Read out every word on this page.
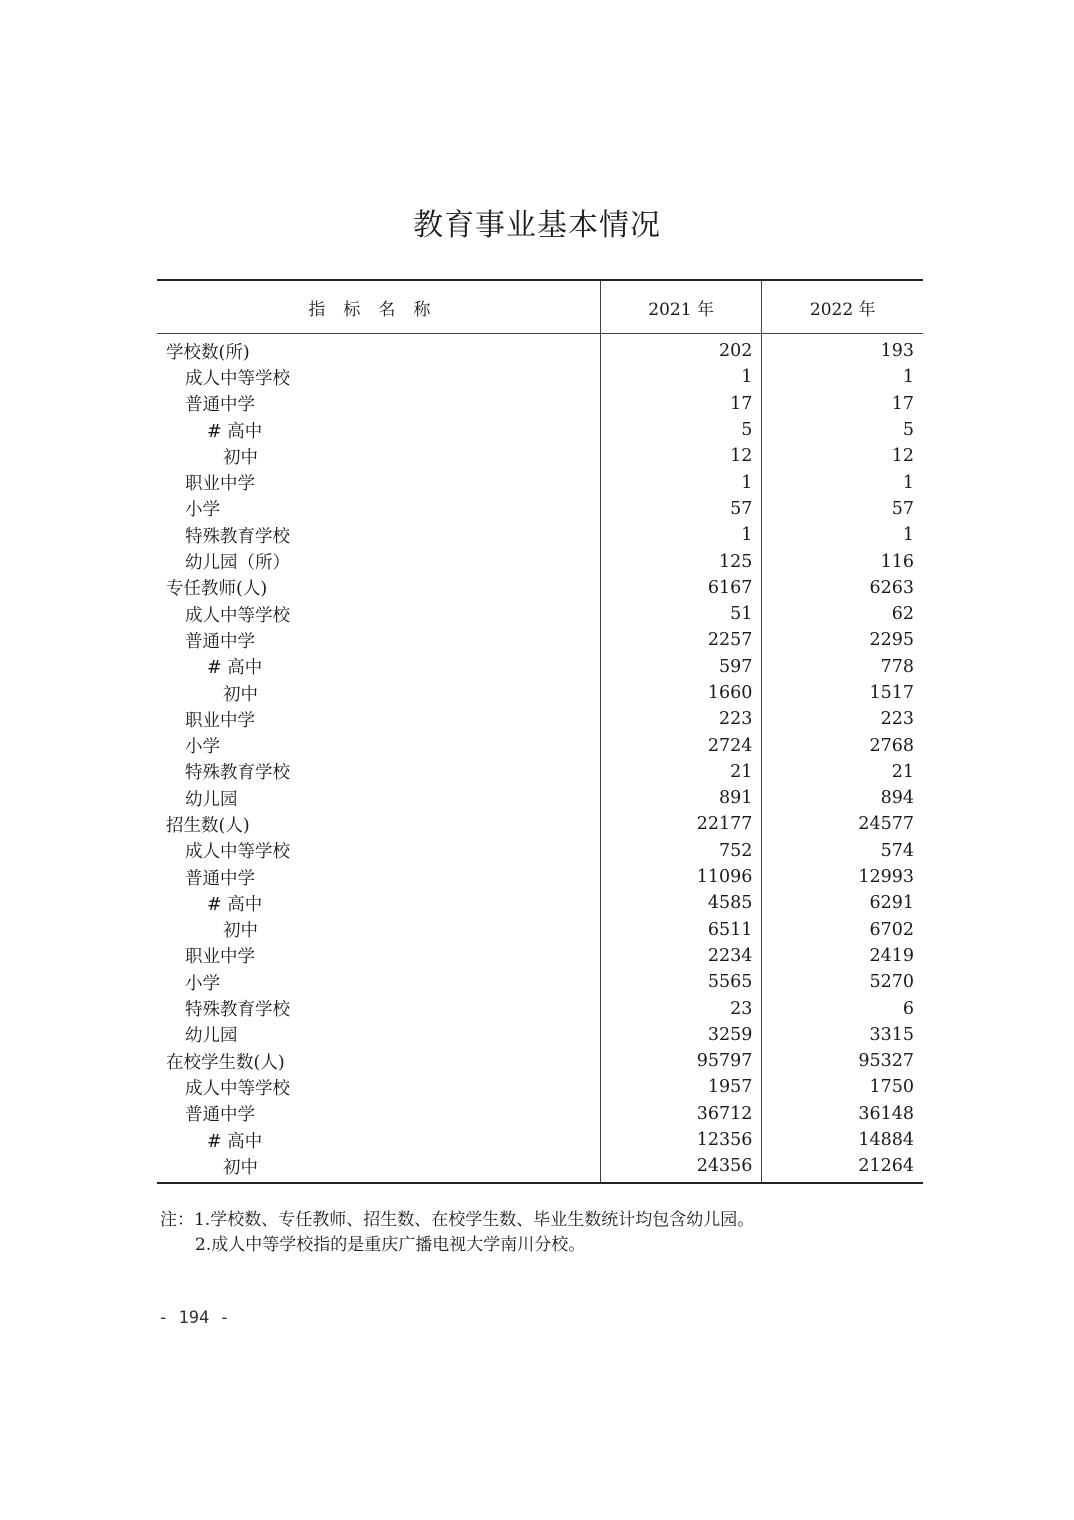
教育事业基本情况
指标名称	2021 年	2022 年
学校数(所)
成人中等学校
普通中学
# 高中
初中
职业中学
小学
特殊教育学校
幼儿园（所）
专任教师(人)
成人中等学校
普通中学
# 高中
初中
职业中学
小学
特殊教育学校
幼儿园
招生数(人)
成人中等学校
普通中学
# 高中
初中
职业中学
小学
特殊教育学校
幼儿园
在校学生数(人)
成人中等学校
普通中学
# 高中
初中
202
1
17
5
12
1
57
1
125
6167
51
2257
597
1660
223
2724
21
891
22177
752
11096
4585
6511
2234
5565
23
3259
95797
1957
36712
12356
24356
193
1
17
5
12
1
57
1
116
6263
62
2295
778
1517
223
2768
21
894
24577
574
12993
6291
6702
2419
5270
6
3315
95327
1750
36148
14884
21264
注：1.学校数、专任教师、招生数、在校学生数、毕业生数统计均包含幼儿园。
2.成人中等学校指的是重庆广播电视大学南川分校。
- 194 -
